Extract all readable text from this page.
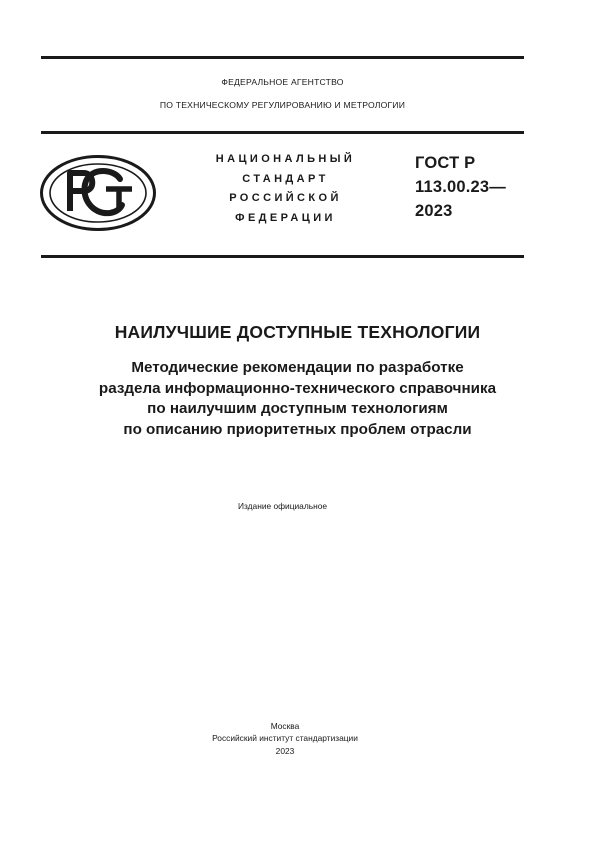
ФЕДЕРАЛЬНОЕ АГЕНТСТВО
ПО ТЕХНИЧЕСКОМУ РЕГУЛИРОВАНИЮ И МЕТРОЛОГИИ
НАЦИОНАЛЬНЫЙ
СТАНДАРТ
РОССИЙСКОЙ
ФЕДЕРАЦИИ
ГОСТ Р
113.00.23—
2023
НАИЛУЧШИЕ ДОСТУПНЫЕ ТЕХНОЛОГИИ
Методические рекомендации по разработке
раздела информационно-технического справочника
по наилучшим доступным технологиям
по описанию приоритетных проблем отрасли
Издание официальное
Москва
Российский институт стандартизации
2023
